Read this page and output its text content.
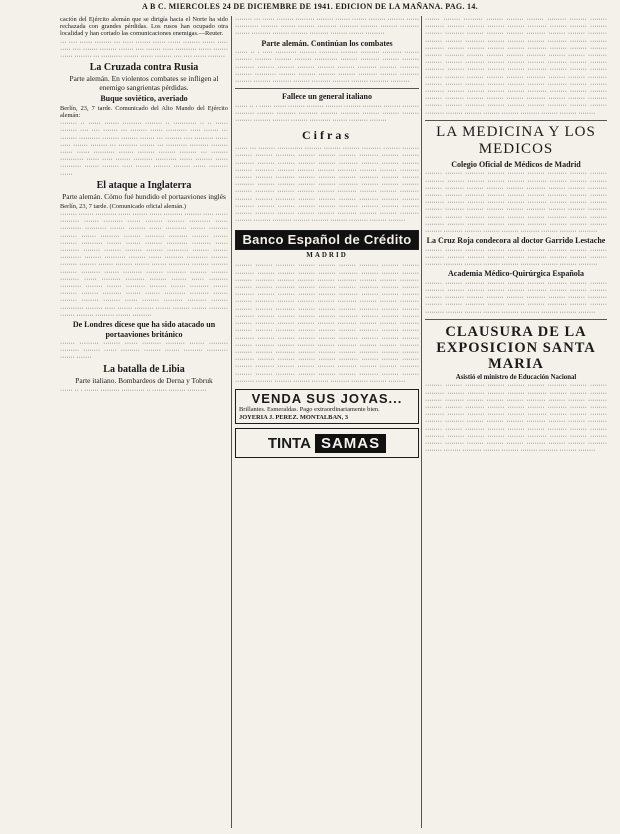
A B C. MIERCOLES 24 DE DICIEMBRE DE 1941. EDICION DE LA MAÑANA. PAG. 14.

cación del Ejército alemán que se dirigía hacia el Norte ha sido rechazada con grandes pérdidas. Los rusos han ocupado otra localidad y han cortado las comunicaciones enemigas.—Reuter.

··· ···· ······ ········ ··· ····· ······· ······ ······ ········ ······ ····· ····· ···· ······· ········ ······· ···· ······· ····· ·········· ······ ······· ······ ········ ··· ·········· ······· ······ ········ ···· ···· ······ ········
La Cruzada contra Rusia
Parte alemán. En violentos combates se infligen al enemigo sangrientas pérdidas.
Buque soviético, averiado

Berlín, 23, 7 tarde. Comunicado del Alto Mando del Ejército alemán:

········ ·· ······ ······· ········· ········ ·· ··········· ·· ·· ······ ········ ···· ···· ······· ··· ········ ······ ·········· ····· ······· ··· ········ ·········· ········ ········ ······· ··· ········ ···· ········· ······ ····· ······· ········ ··· ········· ······· ··· ·········· ········· ········ ······ ······ ·········· ······· ········ ········ ········ ··· ········ ··········· ······ ····· ······· ········· ·········· ······ ········ ······ ·········· ······· ········ ····· ······· ········ ········ ······ ········· ······
El ataque a Inglaterra
Parte alemán. Cómo fué hundido el portaaviones inglés

Berlín, 23, 7 tarde. (Comunicado oficial alemán.)

········ ······· ·········· ······ ······· ······ ········· ········ ····· ······ ········· ······· ········· ······ ········ ········ ·········· ······ ·········· ·········· ······· ········ ······ ·········· ······· ········· ········ ······· ········· ········ ········· ········· ········ ······· ········ ·········· ······· ······· ········ ·········· ········· ······ ········· ········ ········ ········ ········ ·········· ········ ······· ·········· ········ ·········· ········ ······ ········· ·········· ········ ········ ········ ······· ········ ······· ······· ·········· ········ ········ ········ ········· ······· ········· ········ ········· ········ ········ ········· ······ ········· ········· ········ ······· ······ ········· ·········· ········ ······· ········· ········ ······· ········· ······· ········ ········ ········· ······· ······· ·········· ········· ······· ········ ········ ········ ······ ········ ········· ········· ········ ··········· ········ ····· ······· ········· ······· ········ ······· ········· ······· ········ ········· ······· ·········
De Londres dícese que ha sido atacado un portaaviones británico
······· ········· ········ ······ ········· ········· ······· ········· ········· ········ ······ ········· ········ ······· ········· ·········· ······· ·······
La batalla de Libia
Parte italiano. Bombardeos de Derna y Tobruk
······ ·· · ······· ········· ··········· ·· ······· ········ ·········
········ ··· ······ ········ ········· ········ ······· ······· ········ ········ ······ ··········· ········ ······· ········ ········· ········· ········ ········ ········· ······· ········· ········ ········ ········· ········ ······· ·········
Parte alemán. Continúan los combates
······ ·· · ····· ·········· ········ ········· ········ ········· ········· ······· ········ ········ ········ ········ ··········· ········ ········· ········ ········ ········· ········ ········ ········ ········ ········ ········· ········ ········· ········ ·········· ········ ········ ········ ········ ········· ········ ········· ········ ········ ········· ········ ········· ········ ········ ········· ·········
Fallece un general italiano
······ ·· · ······ ······ ········ ········ ········ ········ ········· ········ ········ ········· ········ ········· ········· ········ ········· ········ ········ ········ ········ ········ ········ ········ ·········· ······· ········· ········
Cifras
······ ··· ········ ············ ········ ········ ········ ········· ········ ········ ········ ········ ········· ········ ········ ········ ········· ········ ········ ········· ········ ········ ········ ········ ········· ········ ········ ········ ········ ········· ········ ········ ········ ········· ········ ········ ········· ········ ········ ········· ········ ········ ········ ········· ········ ········ ········· ········ ········ ········ ········ ········· ········ ········ ········ ········ ········· ········ ········ ········ ········· ········ ········ ········· ········ ········ ········· ········ ········ ········ ········· ········ ········ ········· ········ ········ ········ ········ ········· ········ ········ ········ ········ ········· ········ ········ ········ ········· ········ ········ ········· ········ ········ ········· ········ ········ ········ ········· ········ ········
Banco Español de Crédito
MADRID
········ ········ ········· ········ ········ ········ ········· ········ ········ ········· ········ ········ ········ ········ ········· ········ ········ ········ ········ ········· ········ ········ ········ ········· ········ ········ ········· ········ ········ ········· ········ ········ ········ ········· ········ ········ ········· ········ ········ ········ ········ ········· ········ ········ ········ ········ ········· ········ ········ ········ ········· ········ ········ ········· ········ ········ ········· ········ ········ ········ ········· ········ ········ ········· ········ ········ ········ ········ ········· ········ ········ ········ ········ ········· ········ ········ ········ ········· ········ ········ ········· ········ ········ ········· ········ ········ ········ ········· ········ ········ ········· ········ ········ ········ ········ ········· ········ ········ ········ ········ ········· ········ ········ ········ ········· ········ ········ ········· ········ ········ ········· ········ ········ ········ ········· ········ ········ ········· ········ ········ ········ ········ ········· ········ ········ ········ ········ ········· ········ ········ ········ ········· ········ ········ ········· ········ ········ ········· ········ ········ ········ ········· ········ ········ ········· ········ ········ ········ ········ ········· ········ ········ ········
VENDA SUS JOYAS...

Brillantes. Esmeraldas. Pago extraordinariamente bien.

JOYERIA J. PEREZ. MONTALBAN, 3

TINTA SAMAS
······· ········ ········· ········ ········ ········ ········· ········ ········ ········· ········ ········ ········ ········ ········· ········ ········ ········ ········ ········· ········ ········ ········ ········· ········ ········ ········· ········ ········ ········· ········ ········ ········ ········· ········ ········ ········· ········ ········ ········ ········ ········· ········ ········ ········ ········ ········· ········ ········ ········ ········· ········ ········ ········· ········ ········ ········· ········ ········ ········ ········· ········ ········ ········· ········ ········ ········ ········ ········· ········ ········ ········ ········ ········· ········ ········ ········ ········· ········ ········ ········· ········ ········ ········· ········ ········ ········ ········· ········ ········ ········· ········ ········ ········ ········ ········· ········ ········ ········ ········ ········· ········ ········ ········ ········· ········ ········ ········· ········ ········ ········· ········ ········ ········ ········· ········ ········ ········· ········ ········ ········ ········ ········· ········ ········ ········
LA MEDICINA Y LOS MEDICOS
Colegio Oficial de Médicos de Madrid
········ ········ ········· ········ ········ ········ ········· ········ ········ ········· ········ ········ ········ ········ ········· ········ ········ ········ ········ ········· ········ ········ ········ ········· ········ ········ ········· ········ ········ ········· ········ ········ ········ ········· ········ ········ ········· ········ ········ ········ ········ ········· ········ ········ ········ ········ ········· ········ ········ ········ ········· ········ ········ ········· ········ ········ ········· ········ ········ ········ ········· ········ ········ ········· ········ ········ ········ ········ ········· ········ ········ ········ ········ ········· ········ ········ ········ ········· ········ ········ ·········
La Cruz Roja condecora al doctor Garrido Lestache
········ ········ ········· ········ ········ ········ ········· ········ ········ ········· ········ ········ ········ ········ ········· ········ ········ ········ ········ ········· ········ ········ ········ ········· ········ ········ ·········
Academia Médico-Quirúrgica Española
········ ········ ········· ········ ········ ········ ········· ········ ········ ········· ········ ········ ········ ········ ········· ········ ········ ········ ········ ········· ········ ········ ········ ········· ········ ········ ········· ········ ········ ········· ········ ········ ········ ········· ········ ········ ········· ········ ········ ········ ········ ········· ········ ········ ········
CLAUSURA DE LA EXPOSICION SANTA MARIA
Asistió el ministro de Educación Nacional
········ ········ ········· ········ ········ ········ ········· ········ ········ ········· ········ ········ ········ ········ ········· ········ ········ ········ ········ ········· ········ ········ ········ ········· ········ ········ ········· ········ ········ ········· ········ ········ ········ ········· ········ ········ ········· ········ ········ ········ ········ ········· ········ ········ ········ ········ ········· ········ ········ ········ ········· ········ ········ ········· ········ ········ ········· ········ ········ ········ ········· ········ ········ ········· ········ ········ ········ ········ ········· ········ ········ ········ ········ ········· ········ ········ ········ ········· ········ ········ ········· ········ ········ ········· ········ ········ ········ ········· ········ ········
